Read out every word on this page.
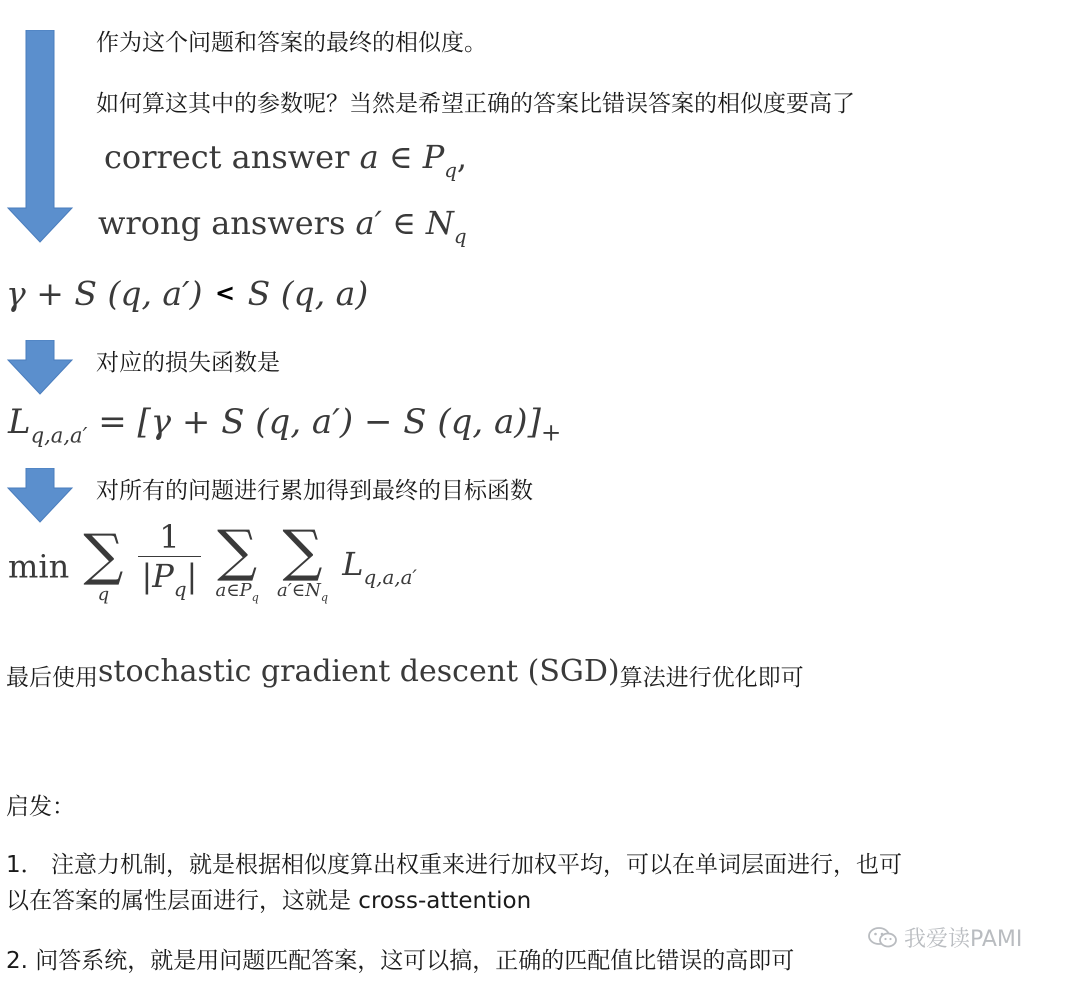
作为这个问题和答案的最终的相似度。
如何算这其中的参数呢？当然是希望正确的答案比错误答案的相似度要高了
correct answer a ∈ $P_q$,
wrong answers a′ ∈ $N_q$
γ + S (q, a′) < S (q, a)
对应的损失函数是
$L_{q,a,a'} = [\gamma + S$ (q, a′) − S (q, $a)]_+$
对所有的问题进行累加得到最终的目标函数
min ∑
q
$\frac{1}{|P_q|}$
∑
$a\in P_q$

∑
$a'\in N_q$
$L_{q,a,a'}$
最后使用stochastic gradient descent (SGD)算法进行优化即可
启发：
1． 注意力机制，就是根据相似度算出权重来进行加权平均，可以在单词层面进行，也可
以在答案的属性层面进行，这就是 cross-attention
2. 问答系统，就是用问题匹配答案，这可以搞，正确的匹配值比错误的高即可
我爱读PAMI
